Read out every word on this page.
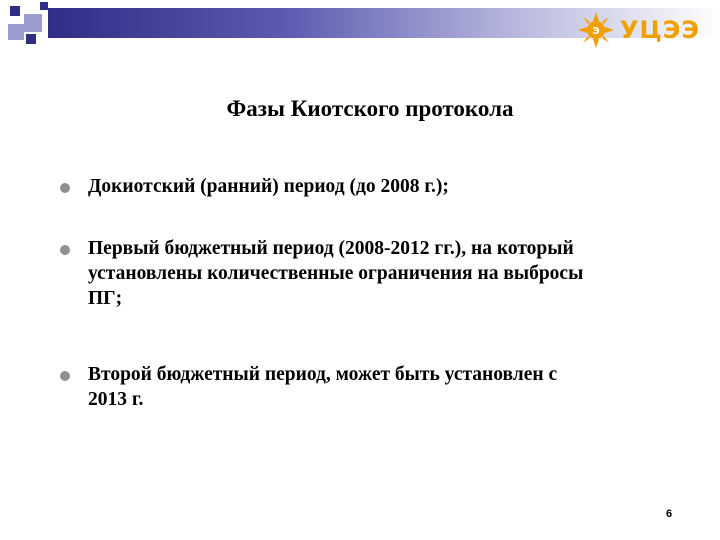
Э УЦЭЭ
Фазы Киотского протокола
Докиотский (ранний) период (до 2008 г.);
Первый бюджетный период (2008-2012 гг.), на который
установлены количественные ограничения на выбросы
ПГ;
Второй бюджетный период, может быть установлен с
2013 г.
6
